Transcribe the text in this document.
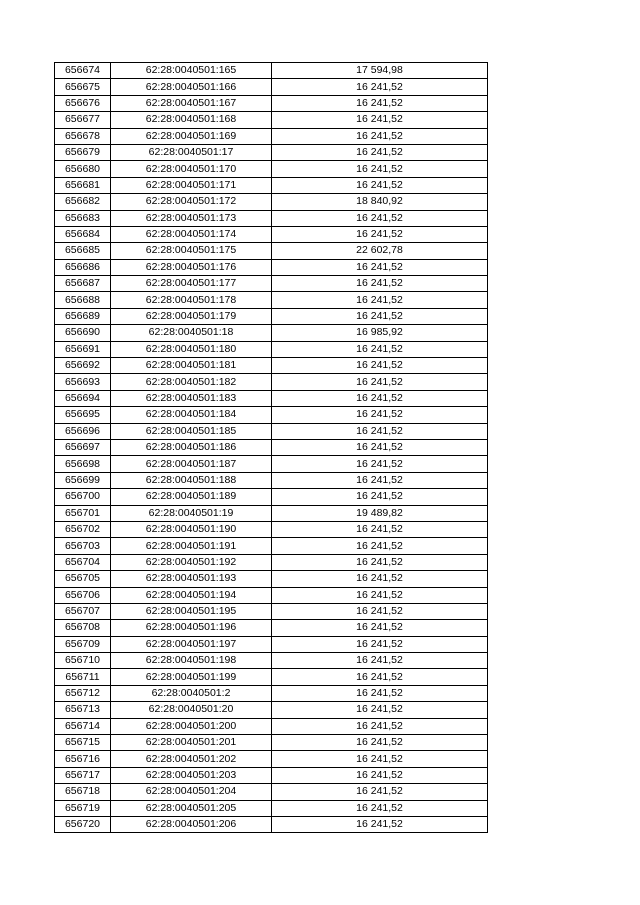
656674	62:28:0040501:165	17 594,98
656675	62:28:0040501:166	16 241,52
656676	62:28:0040501:167	16 241,52
656677	62:28:0040501:168	16 241,52
656678	62:28:0040501:169	16 241,52
656679	62:28:0040501:17	16 241,52
656680	62:28:0040501:170	16 241,52
656681	62:28:0040501:171	16 241,52
656682	62:28:0040501:172	18 840,92
656683	62:28:0040501:173	16 241,52
656684	62:28:0040501:174	16 241,52
656685	62:28:0040501:175	22 602,78
656686	62:28:0040501:176	16 241,52
656687	62:28:0040501:177	16 241,52
656688	62:28:0040501:178	16 241,52
656689	62:28:0040501:179	16 241,52
656690	62:28:0040501:18	16 985,92
656691	62:28:0040501:180	16 241,52
656692	62:28:0040501:181	16 241,52
656693	62:28:0040501:182	16 241,52
656694	62:28:0040501:183	16 241,52
656695	62:28:0040501:184	16 241,52
656696	62:28:0040501:185	16 241,52
656697	62:28:0040501:186	16 241,52
656698	62:28:0040501:187	16 241,52
656699	62:28:0040501:188	16 241,52
656700	62:28:0040501:189	16 241,52
656701	62:28:0040501:19	19 489,82
656702	62:28:0040501:190	16 241,52
656703	62:28:0040501:191	16 241,52
656704	62:28:0040501:192	16 241,52
656705	62:28:0040501:193	16 241,52
656706	62:28:0040501:194	16 241,52
656707	62:28:0040501:195	16 241,52
656708	62:28:0040501:196	16 241,52
656709	62:28:0040501:197	16 241,52
656710	62:28:0040501:198	16 241,52
656711	62:28:0040501:199	16 241,52
656712	62:28:0040501:2	16 241,52
656713	62:28:0040501:20	16 241,52
656714	62:28:0040501:200	16 241,52
656715	62:28:0040501:201	16 241,52
656716	62:28:0040501:202	16 241,52
656717	62:28:0040501:203	16 241,52
656718	62:28:0040501:204	16 241,52
656719	62:28:0040501:205	16 241,52
656720	62:28:0040501:206	16 241,52
